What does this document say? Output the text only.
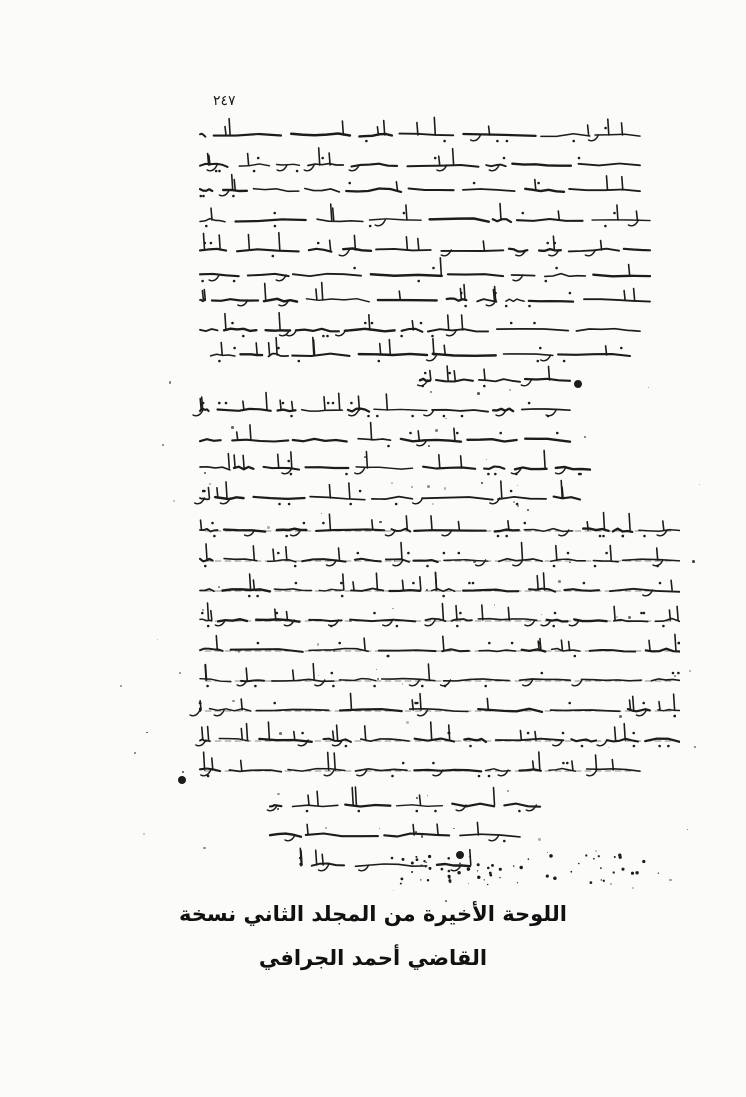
٢٤٧
اللوحة الأخيرة من المجلد الثاني نسخة
القاضي أحمد الجرافي
